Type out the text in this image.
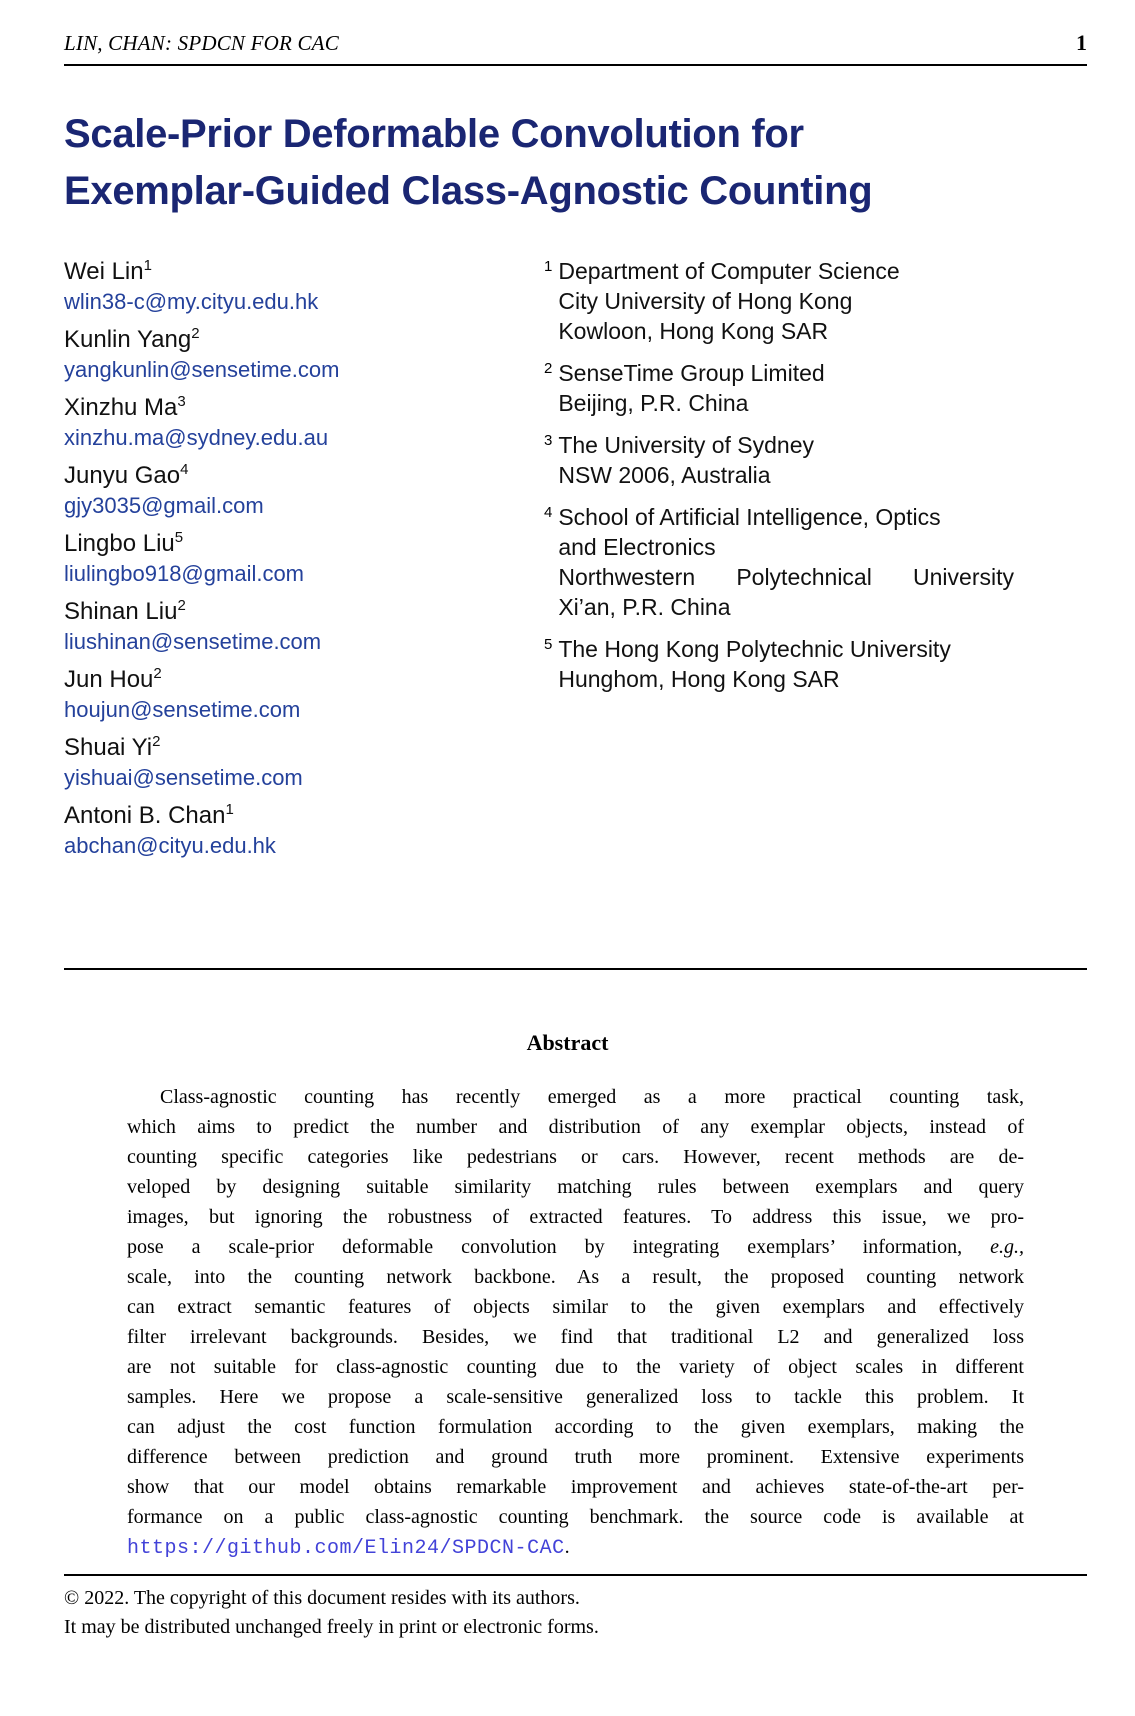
LIN, CHAN: SPDCN FOR CAC	1
Scale-Prior Deformable Convolution for
Exemplar-Guided Class-Agnostic Counting
Wei Lin$^1$
wlin38-c@my.cityu.edu.hk
Kunlin Yang$^2$
yangkunlin@sensetime.com
Xinzhu Ma$^3$
xinzhu.ma@sydney.edu.au
Junyu Gao$^4$
gjy3035@gmail.com
Lingbo Liu$^5$
liulingbo918@gmail.com
Shinan Liu$^2$
liushinan@sensetime.com
Jun Hou$^2$
houjun@sensetime.com
Shuai Yi$^2$
yishuai@sensetime.com
Antoni B. Chan$^1$
abchan@cityu.edu.hk
1 Department of Computer Science
City University of Hong Kong
Kowloon, Hong Kong SAR
2 SenseTime Group Limited
Beijing, P.R. China
3 The University of Sydney
NSW 2006, Australia
4 School of Artificial Intelligence, Optics
and Electronics
Northwestern Polytechnical University
Xi’an, P.R. China
5 The Hong Kong Polytechnic University
Hunghom, Hong Kong SAR
Abstract
Class-agnostic counting has recently emerged as a more practical counting task,
which aims to predict the number and distribution of any exemplar objects, instead of
counting specific categories like pedestrians or cars. However, recent methods are de-
veloped by designing suitable similarity matching rules between exemplars and query
images, but ignoring the robustness of extracted features. To address this issue, we pro-
pose a scale-prior deformable convolution by integrating exemplars’ information, e.g.,
scale, into the counting network backbone. As a result, the proposed counting network
can extract semantic features of objects similar to the given exemplars and effectively
filter irrelevant backgrounds. Besides, we find that traditional L2 and generalized loss
are not suitable for class-agnostic counting due to the variety of object scales in different
samples. Here we propose a scale-sensitive generalized loss to tackle this problem. It
can adjust the cost function formulation according to the given exemplars, making the
difference between prediction and ground truth more prominent. Extensive experiments
show that our model obtains remarkable improvement and achieves state-of-the-art per-
formance on a public class-agnostic counting benchmark. the source code is available at
https://github.com/Elin24/SPDCN-CAC.
© 2022. The copyright of this document resides with its authors.
It may be distributed unchanged freely in print or electronic forms.
